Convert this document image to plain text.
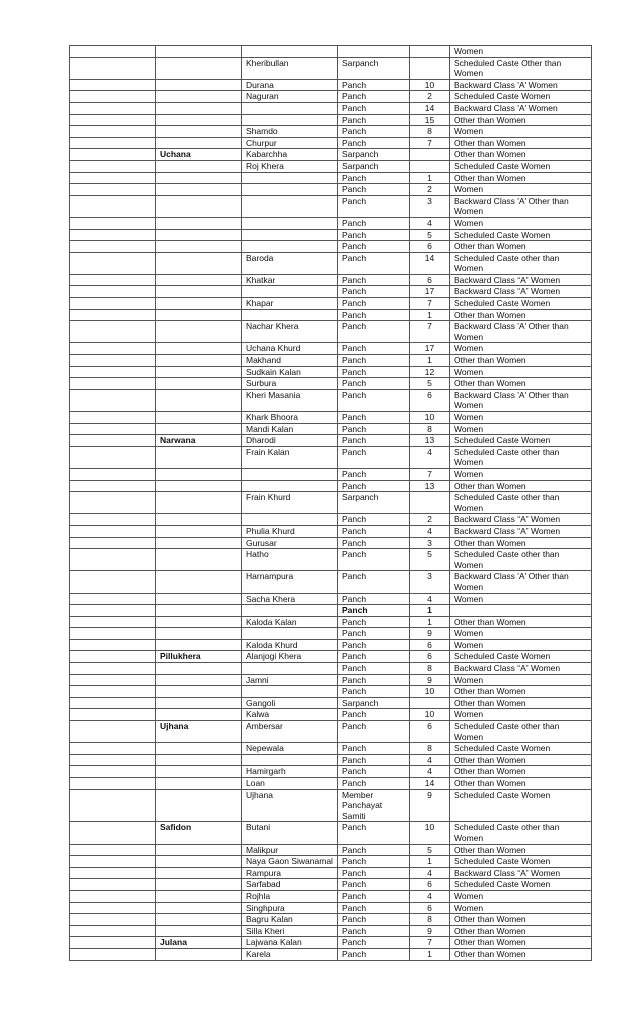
					Women
		Kheribullan	Sarpanch		Scheduled Caste Other than Women
		Durana	Panch	10	Backward Class 'A' Women
		Naguran	Panch	2	Scheduled Caste Women
			Panch	14	Backward Class 'A' Women
			Panch	15	Other than Women
		Shamdo	Panch	8	Women
		Churpur	Panch	7	Other than Women
	Uchana	Kabarchha	Sarpanch		Other than Women
		Roj Khera	Sarpanch		Scheduled Caste Women
			Panch	1	Other than Women
			Panch	2	Women
			Panch	3	Backward Class 'A' Other than Women
			Panch	4	Women
			Panch	5	Scheduled Caste Women
			Panch	6	Other than Women
		Baroda	Panch	14	Scheduled Caste other than Women
		Khatkar	Panch	6	Backward Class “A” Women
			Panch	17	Backward Class “A” Women
		Khapar	Panch	7	Scheduled Caste Women
			Panch	1	Other than Women
		Nachar Khera	Panch	7	Backward Class 'A' Other than Women
		Uchana Khurd	Panch	17	Women
		Makhand	Panch	1	Other than Women
		Sudkain Kalan	Panch	12	Women
		Surbura	Panch	5	Other than Women
		Kheri Masania	Panch	6	Backward Class 'A' Other than Women
		Khark Bhoora	Panch	10	Women
		Mandi Kalan	Panch	8	Women
	Narwana	Dharodi	Panch	13	Scheduled Caste Women
		Frain Kalan	Panch	4	Scheduled Caste other than Women
			Panch	7	Women
			Panch	13	Other than Women
		Frain Khurd	Sarpanch		Scheduled Caste other than Women
			Panch	2	Backward Class “A” Women
		Phulia Khurd	Panch	4	Backward Class “A” Women
		Gurusar	Panch	3	Other than Women
		Hatho	Panch	5	Scheduled Caste other than Women
		Harnampura	Panch	3	Backward Class 'A' Other than Women
		Sacha Khera	Panch	4	Women
			Panch	1	
		Kaloda Kalan	Panch	1	Other than Women
			Panch	9	Women
		Kaloda Khurd	Panch	6	Women
	Pillukhera	Alanjogi Khera	Panch	6	Scheduled Caste Women
			Panch	8	Backward Class “A” Women
		Jamni	Panch	9	Women
			Panch	10	Other than Women
		Gangoli	Sarpanch		Other than Women
		Kalwa	Panch	10	Women
	Ujhana	Ambersar	Panch	6	Scheduled Caste other than Women
		Nepewala	Panch	8	Scheduled Caste Women
			Panch	4	Other than Women
		Hamirgarh	Panch	4	Other than Women
		Loan	Panch	14	Other than Women
		Ujhana	Member Panchayat Samiti	9	Scheduled Caste Women
	Safidon	Butani	Panch	10	Scheduled Caste other than Women
		Malikpur	Panch	5	Other than Women
		Naya Gaon Siwanamal	Panch	1	Scheduled Caste Women
		Rampura	Panch	4	Backward Class “A” Women
		Sarfabad	Panch	6	Scheduled Caste Women
		Rojhla	Panch	4	Women
		Singhpura	Panch	6	Women
		Bagru Kalan	Panch	8	Other than Women
		Silla Kheri	Panch	9	Other than Women
	Julana	Lajwana Kalan	Panch	7	Other than Women
		Karela	Panch	1	Other than Women
